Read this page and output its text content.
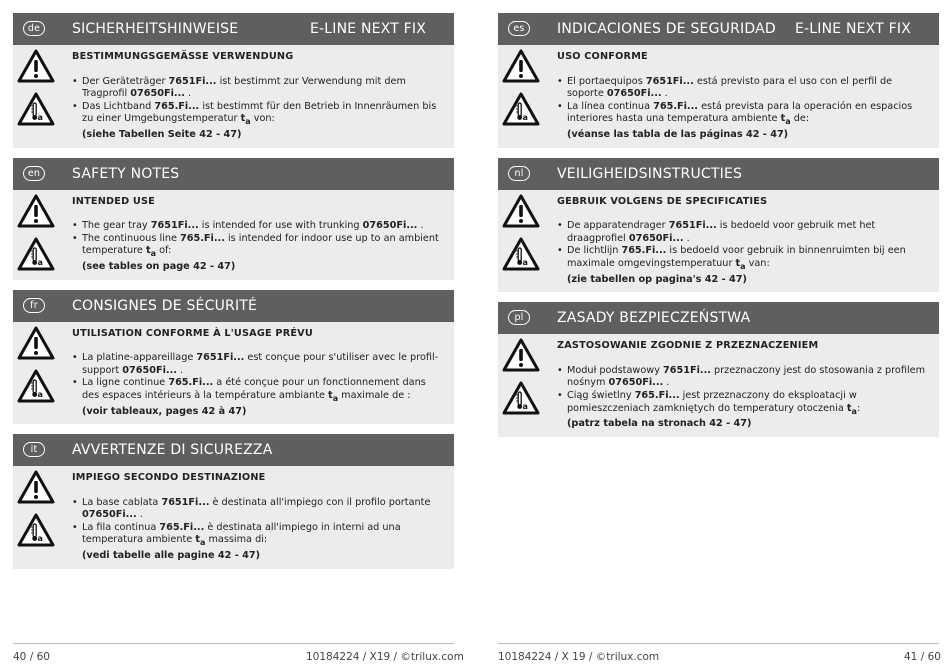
de	SICHERHEITSHINWEISE	E-LINE NEXT FIX
a
BESTIMMUNGSGEMÄSSE VERWENDUNG
• Der Geräteträger 7651Fi... ist bestimmt zur Verwendung mit dem Tragprofil 07650Fi... .
• Das Lichtband 765.Fi... ist bestimmt für den Betrieb in Innenräumen bis zu einer Umgebungstemperatur $t_a$ von:
(siehe Tabellen Seite 42 - 47)
en	SAFETY NOTES
a
INTENDED USE
• The gear tray 7651Fi... is intended for use with trunking 07650Fi... .
• The continuous line 765.Fi... is intended for indoor use up to an ambient temperature $t_a$ of:
(see tables on page 42 - 47)
fr	CONSIGNES DE SÉCURITÉ
a
UTILISATION CONFORME À L'USAGE PRÉVU
• La platine-appareillage 7651Fi... est conçue pour s'utiliser avec le profil-support 07650Fi... .
• La ligne continue 765.Fi... a été conçue pour un fonctionnement dans des espaces intérieurs à la température ambiante $t_a$ maximale de :
(voir tableaux, pages 42 à 47)
it	AVVERTENZE DI SICUREZZA
a
IMPIEGO SECONDO DESTINAZIONE
• La base cablata 7651Fi... è destinata all'impiego con il profilo portante 07650Fi... .
• La fila continua 765.Fi... è destinata all'impiego in interni ad una temperatura ambiente $t_a$ massima di:
(vedi tabelle alle pagine 42 - 47)
es	INDICACIONES DE SEGURIDAD E-LINE NEXT FIX
a
USO CONFORME
• El portaequipos 7651Fi... está previsto para el uso con el perfil de soporte 07650Fi... .
• La línea continua 765.Fi... está prevista para la operación en espacios interiores hasta una temperatura ambiente $t_a$ de:
(véanse las tabla de las páginas 42 - 47)
nl	VEILIGHEIDSINSTRUCTIES
a
GEBRUIK VOLGENS DE SPECIFICATIES
• De apparatendrager 7651Fi... is bedoeld voor gebruik met het draagprofiel 07650Fi... .
• De lichtlijn 765.Fi... is bedoeld voor gebruik in binnenruimten bij een maximale omgevingstemperatuur $t_a$ van:
(zie tabellen op pagina's 42 - 47)
pl	ZASADY BEZPIECZEŃSTWA
a
ZASTOSOWANIE ZGODNIE Z PRZEZNACZENIEM
• Moduł podstawowy 7651Fi... przeznaczony jest do stosowania z profilem nośnym 07650Fi... .
• Ciąg świetlny 765.Fi... jest przeznaczony do eksploatacji w pomieszczeniach zamkniętych do temperatury otoczenia $t_a$:
(patrz tabela na stronach 42 - 47)
40 / 60	10184224 / X19 / ©trilux.com	10184224 / X 19 / ©trilux.com	41 / 60
